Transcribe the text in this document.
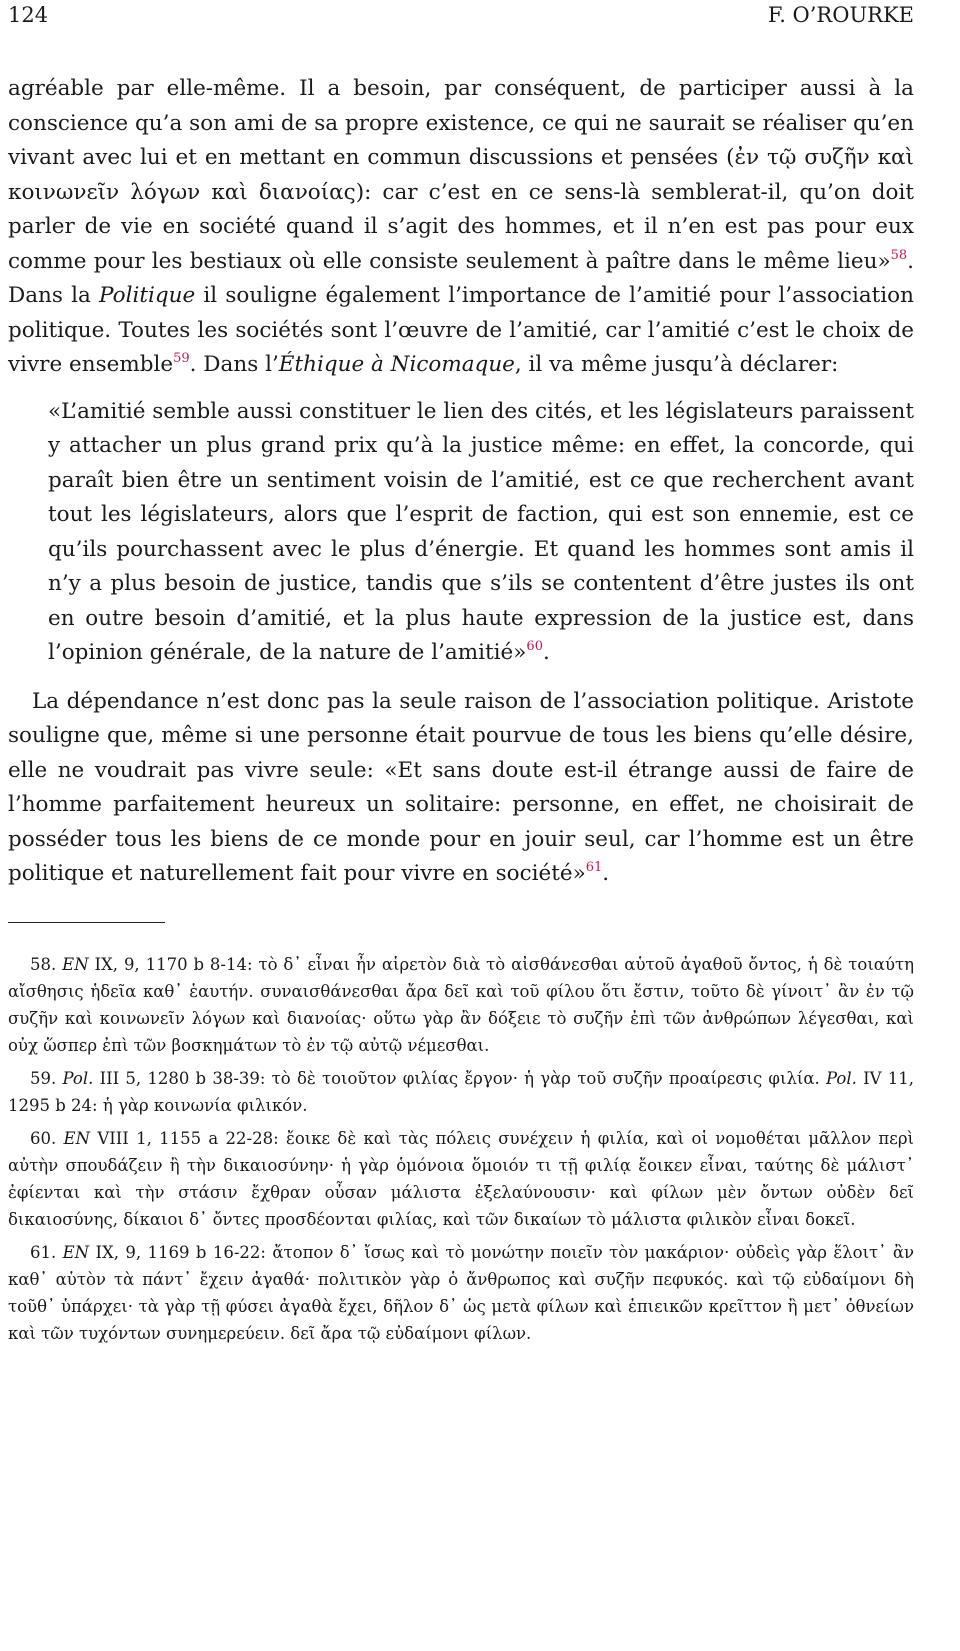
124	F. O’ROURKE

agréable par elle-même. Il a besoin, par conséquent, de participer aussi à la conscience qu’a son ami de sa propre existence, ce qui ne saurait se réaliser qu’en vivant avec lui et en mettant en commun discussions et pensées (ἐν τῷ συζῆν καὶ κοινωνεῖν λόγων καὶ διανοίας): car c’est en ce sens-là semblerat-il, qu’on doit parler de vie en société quand il s’agit des hommes, et il n’en est pas pour eux comme pour les bestiaux où elle consiste seulement à paître dans le même lieu»$^{58}$. Dans la Politique il souligne également l’importance de l’amitié pour l’association politique. Toutes les sociétés sont l’œuvre de l’amitié, car l’amitié c’est le choix de vivre ensemble$^{59}$. Dans l’Éthique à Nicomaque, il va même jusqu’à déclarer:

«L’amitié semble aussi constituer le lien des cités, et les législateurs paraissent y attacher un plus grand prix qu’à la justice même: en effet, la concorde, qui paraît bien être un sentiment voisin de l’amitié, est ce que recherchent avant tout les législateurs, alors que l’esprit de faction, qui est son ennemie, est ce qu’ils pourchassent avec le plus d’énergie. Et quand les hommes sont amis il n’y a plus besoin de justice, tandis que s’ils se contentent d’être justes ils ont en outre besoin d’amitié, et la plus haute expression de la justice est, dans l’opinion générale, de la nature de l’amitié»$^{60}$.

La dépendance n’est donc pas la seule raison de l’association politique. Aristote souligne que, même si une personne était pourvue de tous les biens qu’elle désire, elle ne voudrait pas vivre seule: «Et sans doute est-il étrange aussi de faire de l’homme parfaitement heureux un solitaire: personne, en effet, ne choisirait de posséder tous les biens de ce monde pour en jouir seul, car l’homme est un être politique et naturellement fait pour vivre en société»$^{61}$.

58. EN IX, 9, 1170 b 8-14: τὸ δ᾽ εἶναι ἦν αἱρετὸν διὰ τὸ αἰσθάνεσθαι αὑτοῦ ἀγαθοῦ ὄντος, ἡ δὲ τοιαύτη αἴσθησις ἡδεῖα καθ᾽ ἑαυτήν. συναισθάνεσθαι ἄρα δεῖ καὶ τοῦ φίλου ὅτι ἔστιν, τοῦτο δὲ γίνοιτ᾽ ἂν ἐν τῷ συζῆν καὶ κοινωνεῖν λόγων καὶ διανοίας· οὕτω γὰρ ἂν δόξειε τὸ συζῆν ἐπὶ τῶν ἀνθρώπων λέγεσθαι, καὶ οὐχ ὥσπερ ἐπὶ τῶν βοσκημάτων τὸ ἐν τῷ αὐτῷ νέμεσθαι.

59. Pol. III 5, 1280 b 38-39: τὸ δὲ τοιοῦτον φιλίας ἔργον· ἡ γὰρ τοῦ συζῆν προαίρεσις φιλία. Pol. IV 11, 1295 b 24: ἡ γὰρ κοινωνία φιλικόν.

60. EN VIII 1, 1155 a 22-28: ἔοικε δὲ καὶ τὰς πόλεις συνέχειν ἡ φιλία, καὶ οἱ νομοθέται μᾶλλον περὶ αὐτὴν σπουδάζειν ἢ τὴν δικαιοσύνην· ἡ γὰρ ὁμόνοια ὅμοιόν τι τῇ φιλίᾳ ἔοικεν εἶναι, ταύτης δὲ μάλιστ᾽ ἐφίενται καὶ τὴν στάσιν ἔχθραν οὖσαν μάλιστα ἐξελαύνουσιν· καὶ φίλων μὲν ὄντων οὐδὲν δεῖ δικαιοσύνης, δίκαιοι δ᾽ ὄντες προσδέονται φιλίας, καὶ τῶν δικαίων τὸ μάλιστα φιλικὸν εἶναι δοκεῖ.

61. EN IX, 9, 1169 b 16-22: ἄτοπον δ᾽ ἴσως καὶ τὸ μονώτην ποιεῖν τὸν μακάριον· οὐδεὶς γὰρ ἕλοιτ᾽ ἂν καθ᾽ αὑτὸν τὰ πάντ᾽ ἔχειν ἀγαθά· πολιτικὸν γὰρ ὁ ἄνθρωπος καὶ συζῆν πεφυκός. καὶ τῷ εὐδαίμονι δὴ τοῦθ᾽ ὑπάρχει· τὰ γὰρ τῇ φύσει ἀγαθὰ ἔχει, δῆλον δ᾽ ὡς μετὰ φίλων καὶ ἐπιεικῶν κρεῖττον ἢ μετ᾽ ὀθνείων καὶ τῶν τυχόντων συνημερεύειν. δεῖ ἄρα τῷ εὐδαίμονι φίλων.
